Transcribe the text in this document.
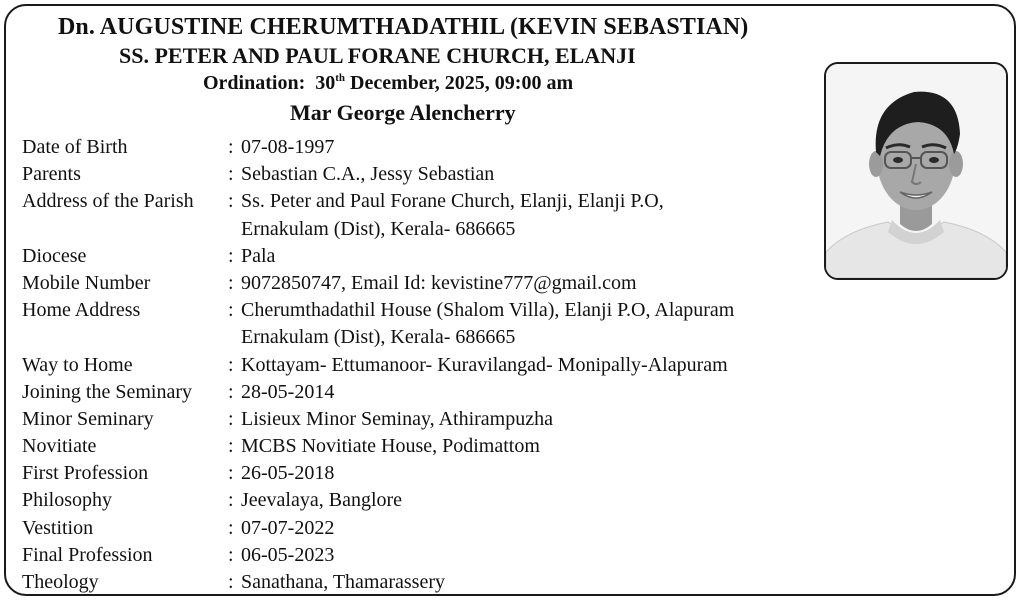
Dn. AUGUSTINE CHERUMTHADATHIL (KEVIN SEBASTIAN)
SS. PETER AND PAUL FORANE CHURCH, ELANJI
Ordination: 30th December, 2025, 09:00 am
Mar George Alencherry
Date of Birth	: 07-08-1997
Parents	: Sebastian C.A., Jessy Sebastian
Address of the Parish : Ss. Peter and Paul Forane Church, Elanji, Elanji P.O,
Ernakulam (Dist), Kerala- 686665
Diocese	: Pala
Mobile Number	: 9072850747, Email Id: kevistine777@gmail.com
Home Address	: Cherumthadathil House (Shalom Villa), Elanji P.O, Alapuram
Ernakulam (Dist), Kerala- 686665
Way to Home	: Kottayam- Ettumanoor- Kuravilangad- Monipally-Alapuram
Joining the Seminary : 28-05-2014
Minor Seminary	: Lisieux Minor Seminay, Athirampuzha
Novitiate	: MCBS Novitiate House, Podimattom
First Profession	: 26-05-2018
Philosophy	: Jeevalaya, Banglore
Vestition	: 07-07-2022
Final Profession	: 06-05-2023
Theology	: Sanathana, Thamarassery
